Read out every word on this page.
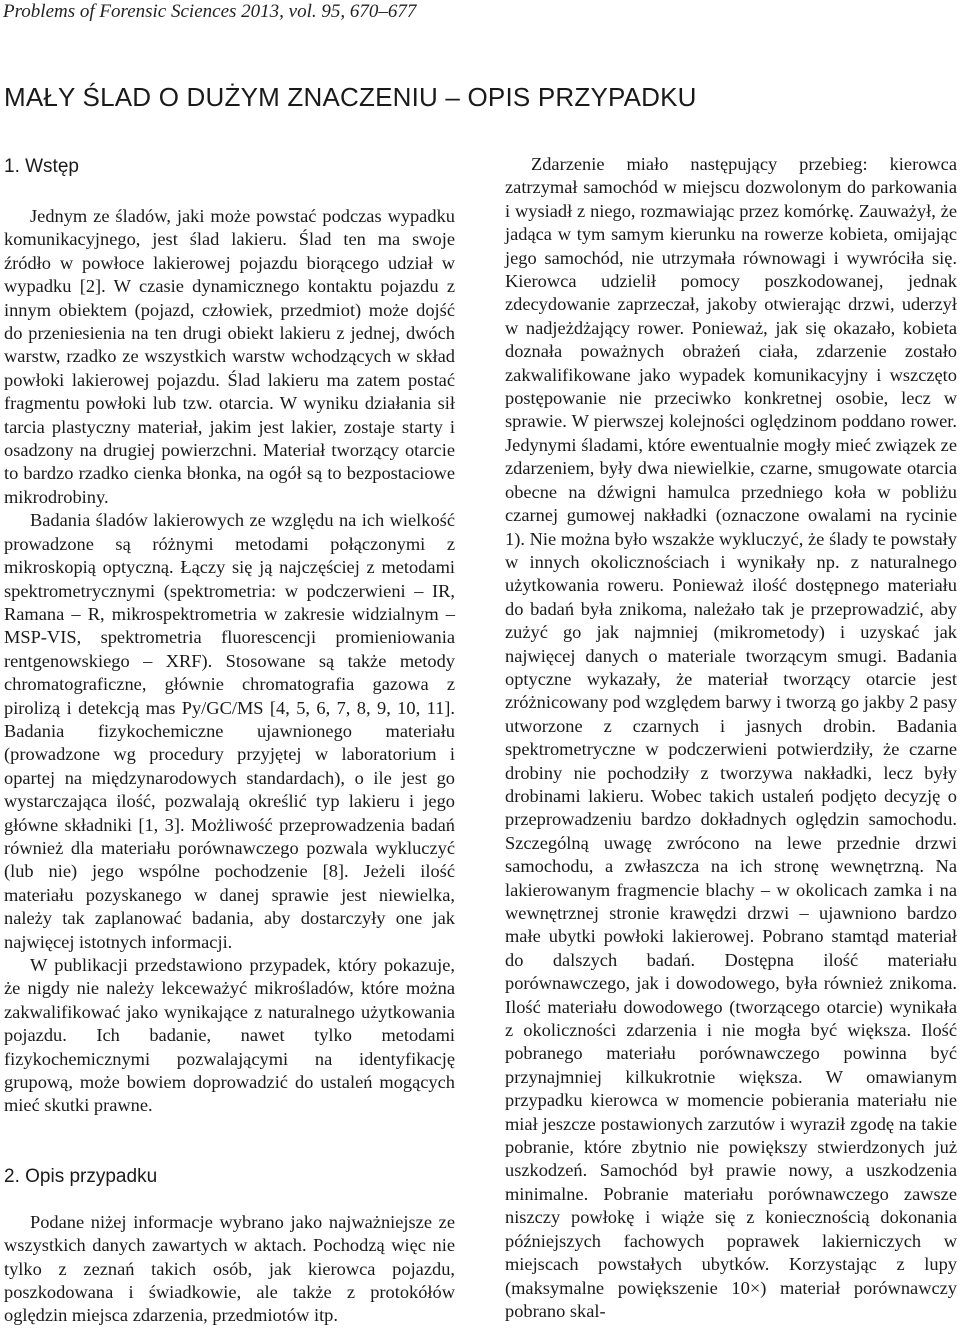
Problems of Forensic Sciences 2013, vol. 95, 670–677
MAŁY ŚLAD O DUŻYM ZNACZENIU – OPIS PRZYPADKU
1. Wstęp

Jednym ze śladów, jaki może powstać podczas wypadku komunikacyjnego, jest ślad lakieru. Ślad ten ma swoje źródło w powłoce lakierowej pojazdu biorącego udział w wypadku [2]. W czasie dynamicznego kontaktu pojazdu z innym obiektem (pojazd, człowiek, przedmiot) może dojść do przeniesienia na ten drugi obiekt lakieru z jednej, dwóch warstw, rzadko ze wszystkich warstw wchodzących w skład powłoki lakierowej pojazdu. Ślad lakieru ma zatem postać fragmentu powłoki lub tzw. otarcia. W wyniku działania sił tarcia plastyczny materiał, jakim jest lakier, zostaje starty i osadzony na drugiej powierzchni. Materiał tworzący otarcie to bardzo rzadko cienka błonka, na ogół są to bezpostaciowe mikrodrobiny.

Badania śladów lakierowych ze względu na ich wielkość prowadzone są różnymi metodami połączonymi z mikroskopią optyczną. Łączy się ją najczęściej z metodami spektrometrycznymi (spektrometria: w podczerwieni – IR, Ramana – R, mikrospektrometria w zakresie widzialnym – MSP-VIS, spektrometria fluorescencji promieniowania rentgenowskiego – XRF). Stosowane są także metody chromatograficzne, głównie chromatografia gazowa z pirolizą i detekcją mas Py/GC/MS [4, 5, 6, 7, 8, 9, 10, 11]. Badania fizykochemiczne ujawnionego materiału (prowadzone wg procedury przyjętej w laboratorium i opartej na międzynarodowych standardach), o ile jest go wystarczająca ilość, pozwalają określić typ lakieru i jego główne składniki [1, 3]. Możliwość przeprowadzenia badań również dla materiału porównawczego pozwala wykluczyć (lub nie) jego wspólne pochodzenie [8]. Jeżeli ilość materiału pozyskanego w danej sprawie jest niewielka, należy tak zaplanować badania, aby dostarczyły one jak najwięcej istotnych informacji.

W publikacji przedstawiono przypadek, który pokazuje, że nigdy nie należy lekceważyć mikrośladów, które można zakwalifikować jako wynikające z naturalnego użytkowania pojazdu. Ich badanie, nawet tylko metodami fizykochemicznymi pozwalającymi na identyfikację grupową, może bowiem doprowadzić do ustaleń mogących mieć skutki prawne.

2. Opis przypadku

Podane niżej informacje wybrano jako najważniejsze ze wszystkich danych zawartych w aktach. Pochodzą więc nie tylko z zeznań takich osób, jak kierowca pojazdu, poszkodowana i świadkowie, ale także z protokółów oględzin miejsca zdarzenia, przedmiotów itp.

Zdarzenie miało następujący przebieg: kierowca zatrzymał samochód w miejscu dozwolonym do parkowania i wysiadł z niego, rozmawiając przez komórkę. Zauważył, że jadąca w tym samym kierunku na rowerze kobieta, omijając jego samochód, nie utrzymała równowagi i wywróciła się. Kierowca udzielił pomocy poszkodowanej, jednak zdecydowanie zaprzeczał, jakoby otwierając drzwi, uderzył w nadjeżdżający rower. Ponieważ, jak się okazało, kobieta doznała poważnych obrażeń ciała, zdarzenie zostało zakwalifikowane jako wypadek komunikacyjny i wszczęto postępowanie nie przeciwko konkretnej osobie, lecz w sprawie. W pierwszej kolejności oględzinom poddano rower. Jedynymi śladami, które ewentualnie mogły mieć związek ze zdarzeniem, były dwa niewielkie, czarne, smugowate otarcia obecne na dźwigni hamulca przedniego koła w pobliżu czarnej gumowej nakładki (oznaczone owalami na rycinie 1). Nie można było wszakże wykluczyć, że ślady te powstały w innych okolicznościach i wynikały np. z naturalnego użytkowania roweru. Ponieważ ilość dostępnego materiału do badań była znikoma, należało tak je przeprowadzić, aby zużyć go jak najmniej (mikrometody) i uzyskać jak najwięcej danych o materiale tworzącym smugi. Badania optyczne wykazały, że materiał tworzący otarcie jest zróżnicowany pod względem barwy i tworzą go jakby 2 pasy utworzone z czarnych i jasnych drobin. Badania spektrometryczne w podczerwieni potwierdziły, że czarne drobiny nie pochodziły z tworzywa nakładki, lecz były drobinami lakieru. Wobec takich ustaleń podjęto decyzję o przeprowadzeniu bardzo dokładnych oględzin samochodu. Szczególną uwagę zwrócono na lewe przednie drzwi samochodu, a zwłaszcza na ich stronę wewnętrzną. Na lakierowanym fragmencie blachy – w okolicach zamka i na wewnętrznej stronie krawędzi drzwi – ujawniono bardzo małe ubytki powłoki lakierowej. Pobrano stamtąd materiał do dalszych badań. Dostępna ilość materiału porównawczego, jak i dowodowego, była również znikoma. Ilość materiału dowodowego (tworzącego otarcie) wynikała z okoliczności zdarzenia i nie mogła być większa. Ilość pobranego materiału porównawczego powinna być przynajmniej kilkukrotnie większa. W omawianym przypadku kierowca w momencie pobierania materiału nie miał jeszcze postawionych zarzutów i wyraził zgodę na takie pobranie, które zbytnio nie powiększy stwierdzonych już uszkodzeń. Samochód był prawie nowy, a uszkodzenia minimalne. Pobranie materiału porównawczego zawsze niszczy powłokę i wiąże się z koniecznością dokonania późniejszych fachowych poprawek lakierniczych w miejscach powstałych ubytków. Korzystając z lupy (maksymalne powiększenie 10×) materiał porównawczy pobrano skal-
